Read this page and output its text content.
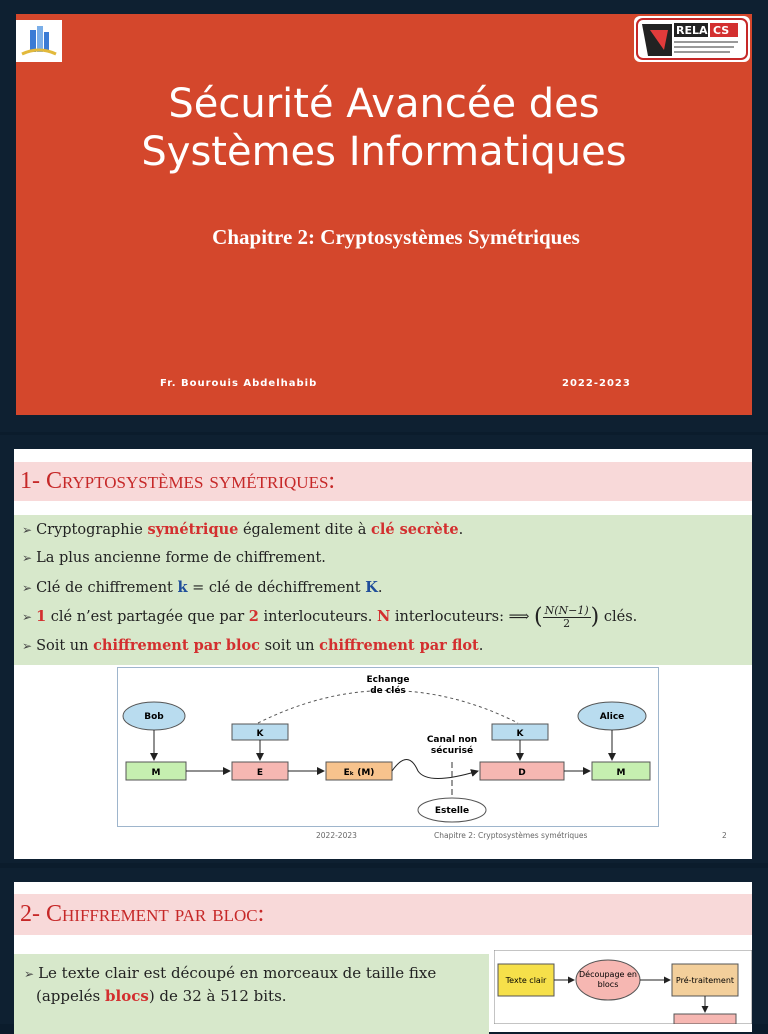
RELA CS
Sécurité Avancée des
Systèmes Informatiques
Chapitre 2: Cryptosystèmes Symétriques
Fr. Bourouis Abdelhabib	2022-2023
1- Cryptosystèmes symétriques:
➢ Cryptographie symétrique également dite à clé secrète.
➢ La plus ancienne forme de chiffrement.
➢ Clé de chiffrement k = clé de déchiffrement K.
➢ 1 clé n’est partagée que par 2 interlocuteurs. N interlocuteurs: ⟹ ( $\frac{N(N-1)}{2}$ ) clés.
➢ Soit un chiffrement par bloc soit un chiffrement par flot.
Echange
de clés
Bob
M
K
E	Eₖ (M)
Canal non
sécurisé
Estelle
K
D	M
Alice
2022-2023	Chapitre 2: Cryptosystèmes symétriques	2
2- Chiffrement par bloc:
➢ Le texte clair est découpé en morceaux de taille fixe
(appelés blocs) de 32 à 512 bits.
Texte clair
Découpage en
blocs	Pré-traitement
